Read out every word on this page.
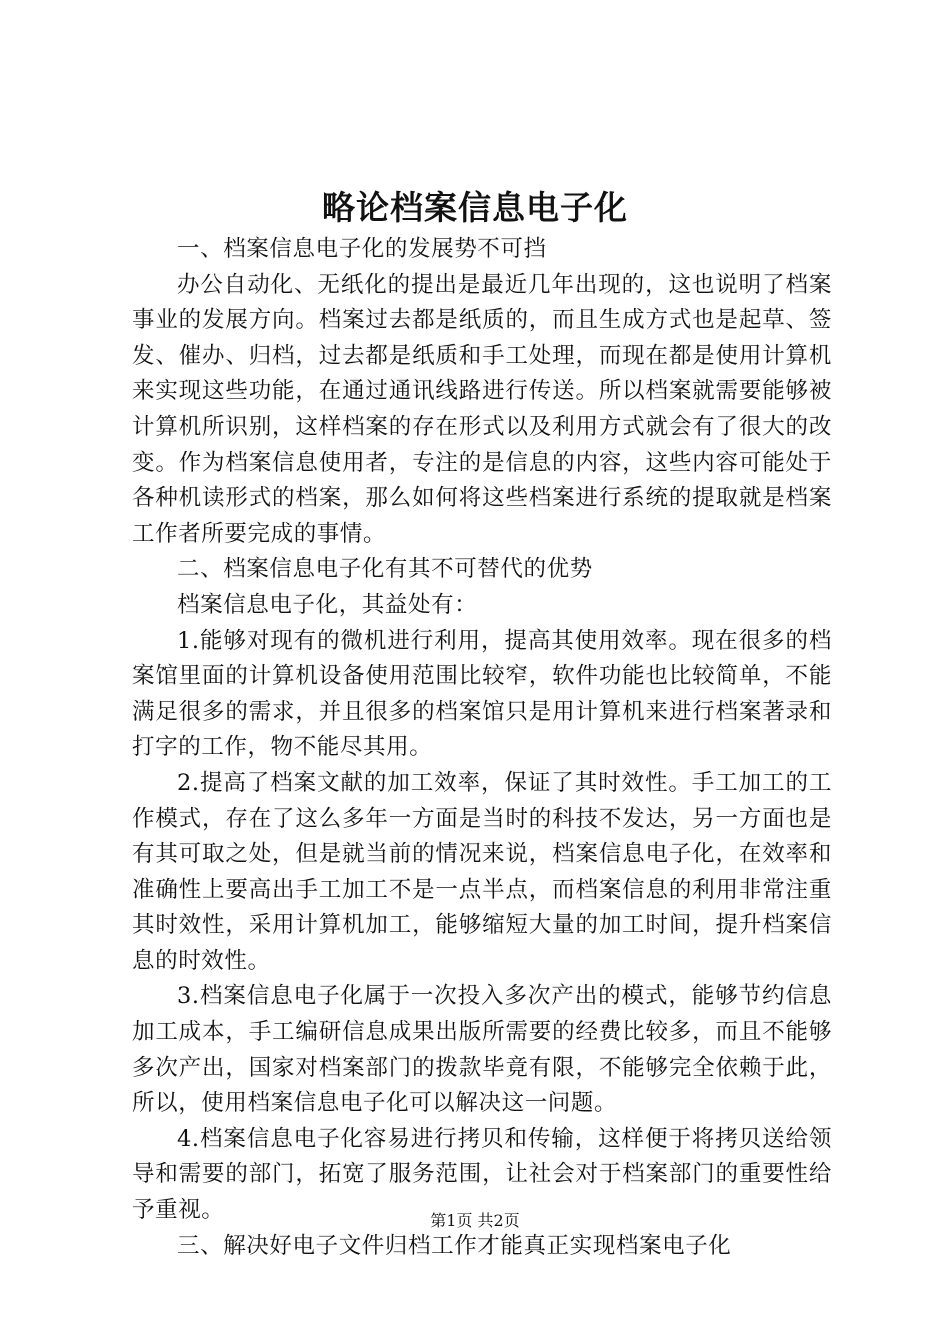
略论档案信息电子化

一、档案信息电子化的发展势不可挡

办公自动化、无纸化的提出是最近几年出现的，这也说明了档案事业的发展方向。档案过去都是纸质的，而且生成方式也是起草、签发、催办、归档，过去都是纸质和手工处理，而现在都是使用计算机来实现这些功能，在通过通讯线路进行传送。所以档案就需要能够被计算机所识别，这样档案的存在形式以及利用方式就会有了很大的改变。作为档案信息使用者，专注的是信息的内容，这些内容可能处于各种机读形式的档案，那么如何将这些档案进行系统的提取就是档案工作者所要完成的事情。

二、档案信息电子化有其不可替代的优势

档案信息电子化，其益处有：

1.能够对现有的微机进行利用，提高其使用效率。现在很多的档案馆里面的计算机设备使用范围比较窄，软件功能也比较简单，不能满足很多的需求，并且很多的档案馆只是用计算机来进行档案著录和打字的工作，物不能尽其用。

2.提高了档案文献的加工效率，保证了其时效性。手工加工的工作模式，存在了这么多年一方面是当时的科技不发达，另一方面也是有其可取之处，但是就当前的情况来说，档案信息电子化，在效率和准确性上要高出手工加工不是一点半点，而档案信息的利用非常注重其时效性，采用计算机加工，能够缩短大量的加工时间，提升档案信息的时效性。

3.档案信息电子化属于一次投入多次产出的模式，能够节约信息加工成本，手工编研信息成果出版所需要的经费比较多，而且不能够多次产出，国家对档案部门的拨款毕竟有限，不能够完全依赖于此，所以，使用档案信息电子化可以解决这一问题。

4.档案信息电子化容易进行拷贝和传输，这样便于将拷贝送给领导和需要的部门，拓宽了服务范围，让社会对于档案部门的重要性给予重视。

三、解决好电子文件归档工作才能真正实现档案电子化

第1页 共2页
